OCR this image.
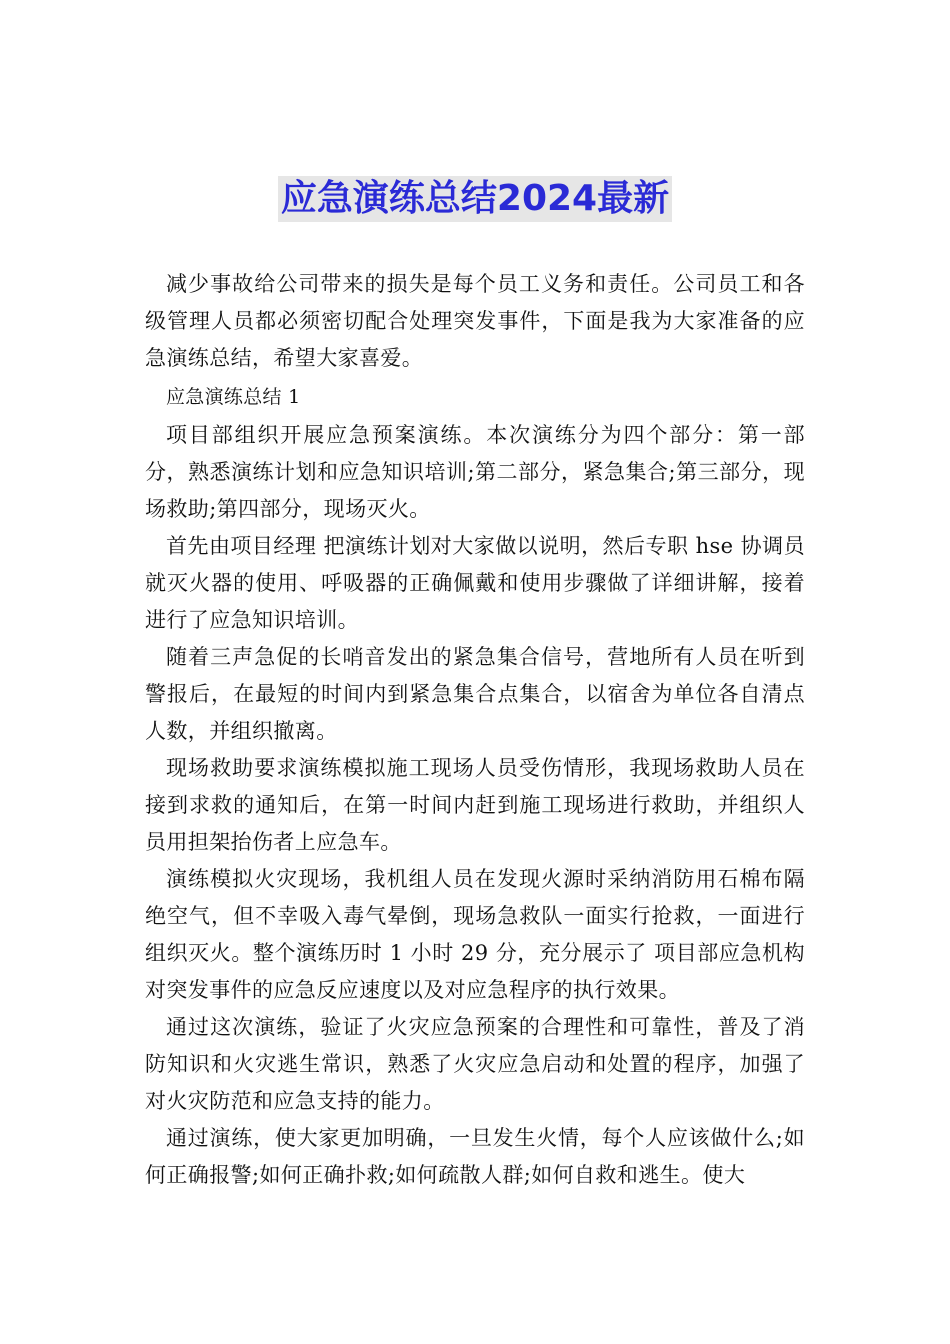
应急演练总结2024最新

减少事故给公司带来的损失是每个员工义务和责任。公司员工和各级管理人员都必须密切配合处理突发事件，下面是我为大家准备的应急演练总结，希望大家喜爱。

应急演练总结 1

项目部组织开展应急预案演练。本次演练分为四个部分：第一部分，熟悉演练计划和应急知识培训;第二部分，紧急集合;第三部分，现场救助;第四部分，现场灭火。

首先由项目经理 把演练计划对大家做以说明，然后专职 hse 协调员 就灭火器的使用、呼吸器的正确佩戴和使用步骤做了详细讲解，接着进行了应急知识培训。

随着三声急促的长哨音发出的紧急集合信号，营地所有人员在听到警报后，在最短的时间内到紧急集合点集合，以宿舍为单位各自清点人数，并组织撤离。

现场救助要求演练模拟施工现场人员受伤情形，我现场救助人员在接到求救的通知后，在第一时间内赶到施工现场进行救助，并组织人员用担架抬伤者上应急车。

演练模拟火灾现场，我机组人员在发现火源时采纳消防用石棉布隔绝空气，但不幸吸入毒气晕倒，现场急救队一面实行抢救，一面进行组织灭火。整个演练历时 1 小时 29 分，充分展示了 项目部应急机构对突发事件的应急反应速度以及对应急程序的执行效果。

通过这次演练，验证了火灾应急预案的合理性和可靠性，普及了消防知识和火灾逃生常识，熟悉了火灾应急启动和处置的程序，加强了对火灾防范和应急支持的能力。

通过演练，使大家更加明确，一旦发生火情，每个人应该做什么;如何正确报警;如何正确扑救;如何疏散人群;如何自救和逃生。使大
